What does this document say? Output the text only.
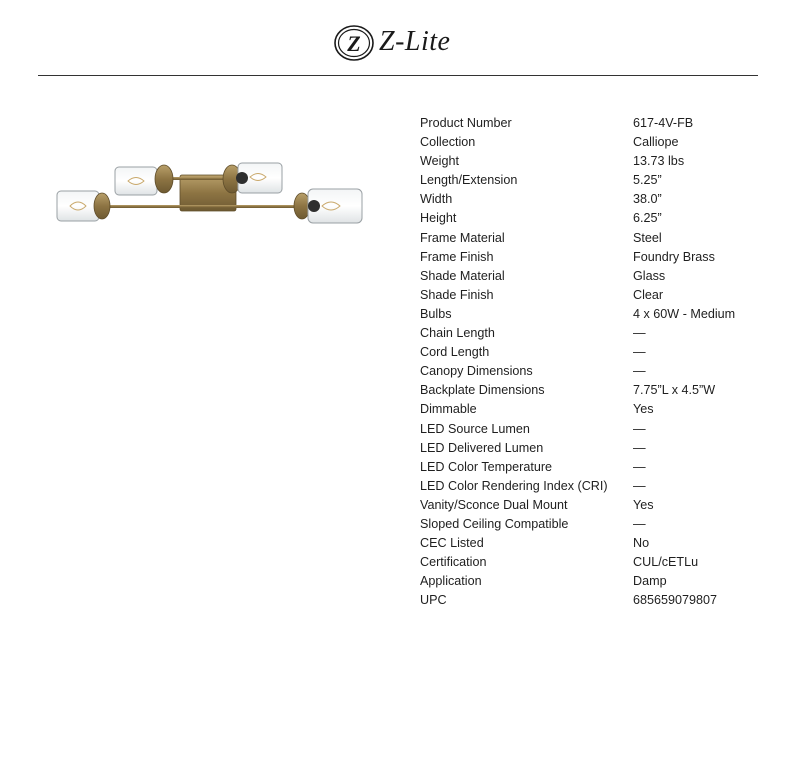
Z Z-Lite
Product Number	617-4V-FB
Collection	Calliope
Weight	13.73 lbs
Length/Extension	5.25”
Width	38.0”
Height	6.25”
Frame Material	Steel
Frame Finish	Foundry Brass
Shade Material	Glass
Shade Finish	Clear
Bulbs	4 x 60W - Medium
Chain Length	—
Cord Length	—
Canopy Dimensions	—
Backplate Dimensions	7.75”L x 4.5”W
Dimmable	Yes
LED Source Lumen	—
LED Delivered Lumen	—
LED Color Temperature	—
LED Color Rendering Index (CRI)	—
Vanity/Sconce Dual Mount	Yes
Sloped Ceiling Compatible	—
CEC Listed	No
Certification	CUL/cETLu
Application	Damp
UPC	685659079807
